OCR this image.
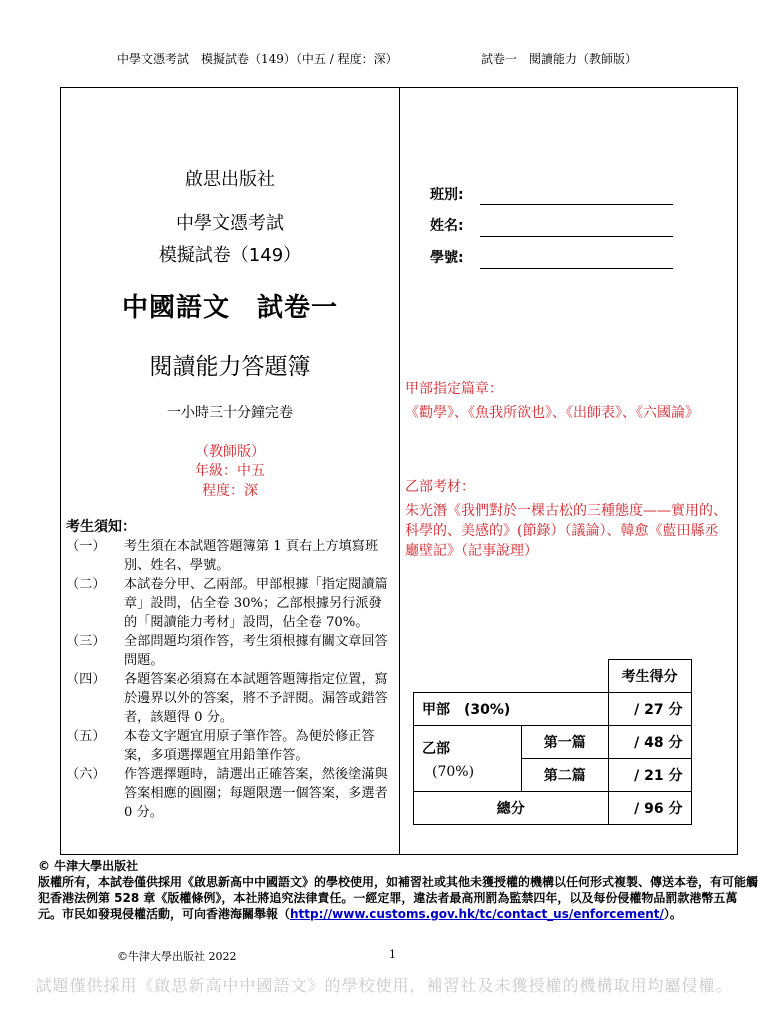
中學文憑考試　模擬試卷（149）（中五 / 程度：深）	試卷一　閱讀能力（教師版）
啟思出版社
中學文憑考試
模擬試卷（149）
中國語文　試卷一
閱讀能力答題簿
一小時三十分鐘完卷
（教師版）
年級：中五
程度：深
考生須知：
（一）	考生須在本試題答題簿第 1 頁右上方填寫班別、姓名、學號。
（二）	本試卷分甲、乙兩部。甲部根據「指定閱讀篇章」設問，佔全卷 30%；乙部根據另行派發的「閱讀能力考材」設問，佔全卷 70%。
（三）	全部問題均須作答，考生須根據有關文章回答問題。
（四）	各題答案必須寫在本試題答題簿指定位置，寫於邊界以外的答案，將不予評閱。漏答或錯答者，該題得 0 分。
（五）	本卷文字題宜用原子筆作答。為便於修正答案，多項選擇題宜用鉛筆作答。
（六）	作答選擇題時，請選出正確答案，然後塗滿與答案相應的圓圈；每題限選一個答案，多選者 0 分。
班別:
姓名:
學號:
甲部指定篇章：
《勸學》、《魚我所欲也》、《出師表》、《六國論》
乙部考材：
朱光潛《我們對於一棵古松的三種態度——實用的、科學的、美感的》(節錄）（議論）、韓愈《藍田縣丞廳壁記》（記事說理）
		考生得分
甲部　(30%)		/ 27 分

乙部
(70%)	第一篇	/ 48 分
	第二篇	/ 21 分
總分		/ 96 分
© 牛津大學出版社
版權所有，本試卷僅供採用《啟思新高中中國語文》的學校使用，如補習社或其他未獲授權的機構以任何形式複製、傳送本卷，有可能觸犯香港法例第 528 章《版權條例》，本社將追究法律責任。一經定罪，違法者最高刑罰為監禁四年，以及每份侵權物品罰款港幣五萬元。市民如發現侵權活動，可向香港海關舉報（http://www.customs.gov.hk/tc/contact_us/enforcement/）。
©牛津大學出版社 2022	1
試題僅供採用《啟思新高中中國語文》的學校使用，補習社及未獲授權的機構取用均屬侵權。
